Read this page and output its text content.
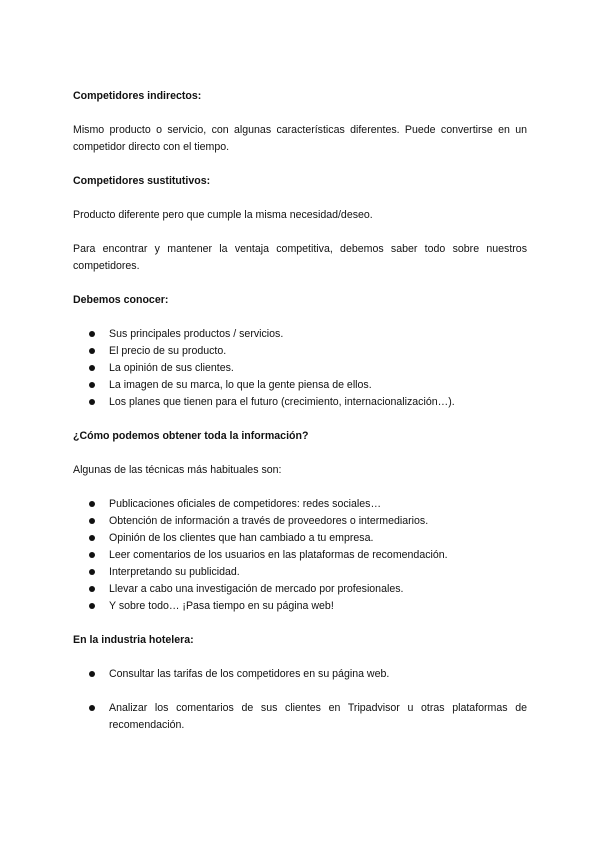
Competidores indirectos:

Mismo producto o servicio, con algunas características diferentes. Puede convertirse en un competidor directo con el tiempo.

Competidores sustitutivos:

Producto diferente pero que cumple la misma necesidad/deseo.

Para encontrar y mantener la ventaja competitiva, debemos saber todo sobre nuestros competidores.

Debemos conocer:

Sus principales productos / servicios.
El precio de su producto.
La opinión de sus clientes.
La imagen de su marca, lo que la gente piensa de ellos.
Los planes que tienen para el futuro (crecimiento, internacionalización…).

¿Cómo podemos obtener toda la información?

Algunas de las técnicas más habituales son:

Publicaciones oficiales de competidores: redes sociales…
Obtención de información a través de proveedores o intermediarios.
Opinión de los clientes que han cambiado a tu empresa.
Leer comentarios de los usuarios en las plataformas de recomendación.
Interpretando su publicidad.
Llevar a cabo una investigación de mercado por profesionales.
Y sobre todo… ¡Pasa tiempo en su página web!

En la industria hotelera:

Consultar las tarifas de los competidores en su página web.
Analizar los comentarios de sus clientes en Tripadvisor u otras plataformas de recomendación.
